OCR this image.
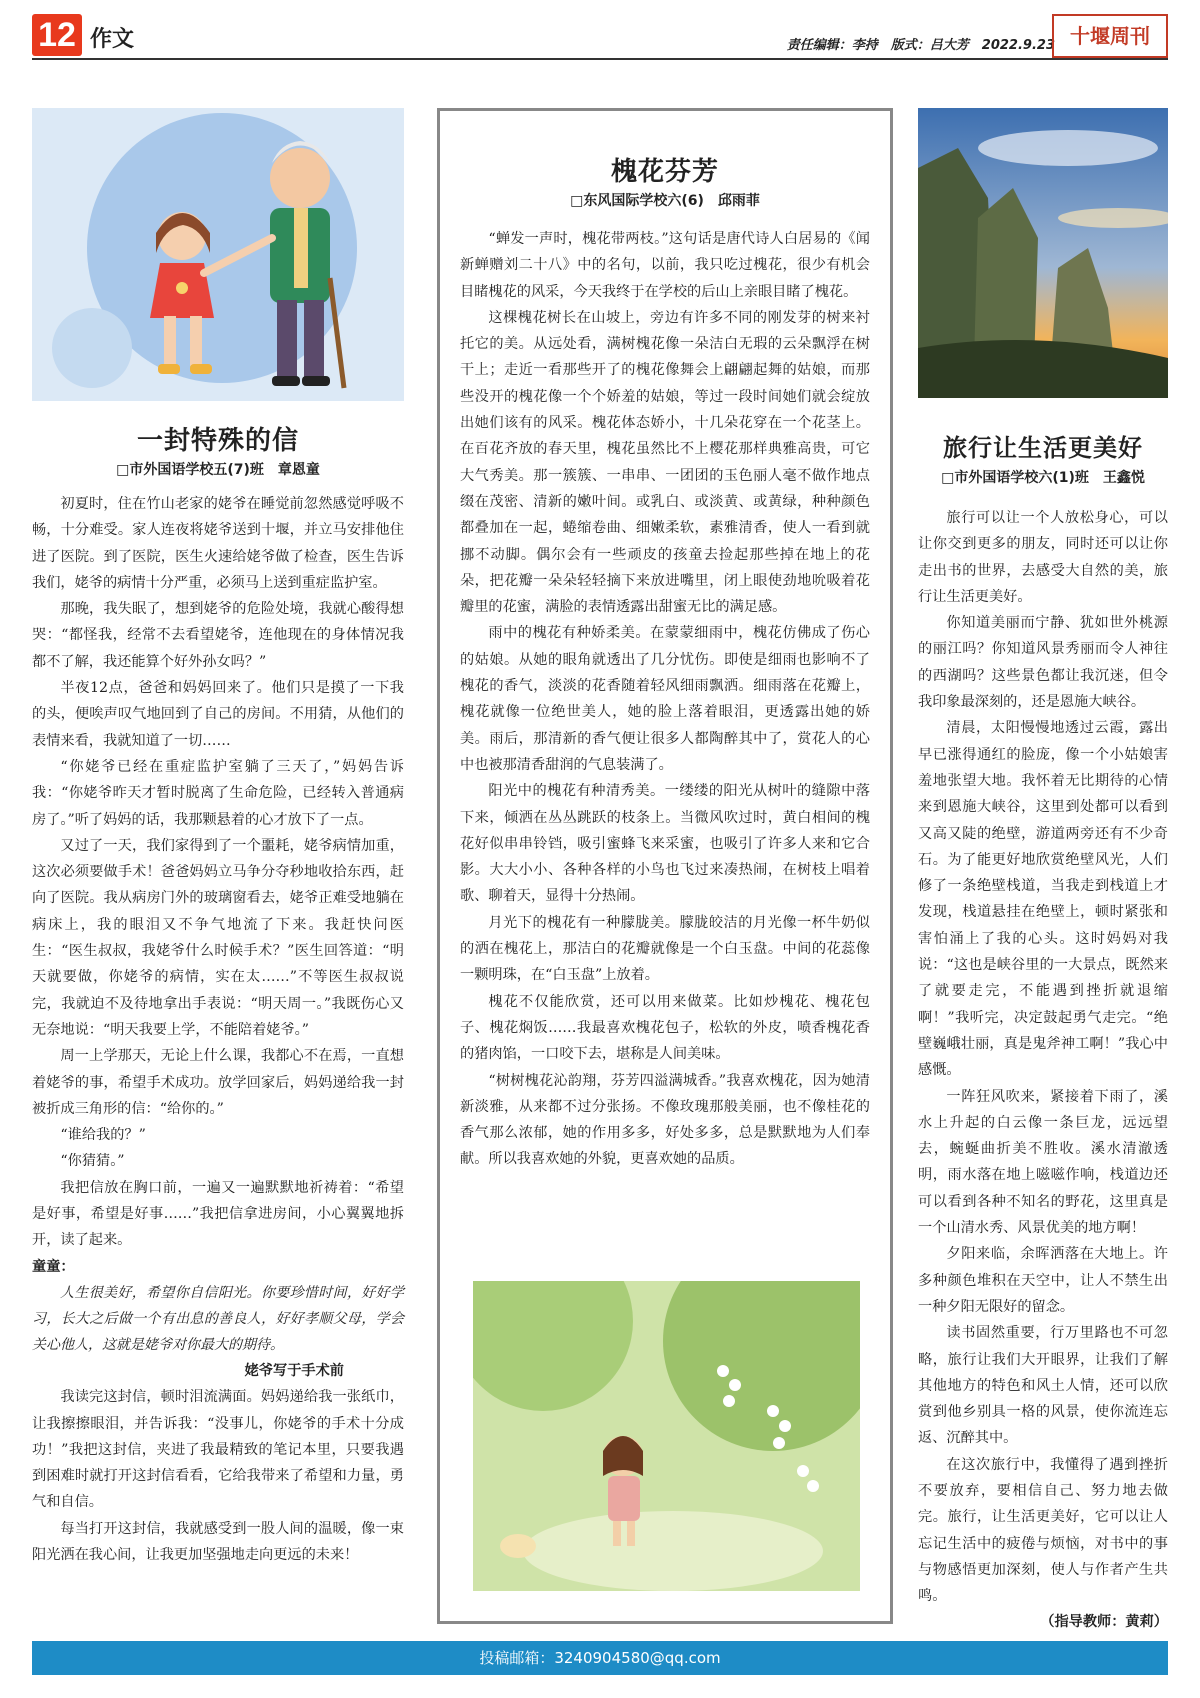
12 作文	责任编辑：李持　版式：吕大芳　2022.9.23 十堰周刊
一封特殊的信
□市外国语学校五(7)班　章恩童

初夏时，住在竹山老家的姥爷在睡觉前忽然感觉呼吸不畅，十分难受。家人连夜将姥爷送到十堰，并立马安排他住进了医院。到了医院，医生火速给姥爷做了检查，医生告诉我们，姥爷的病情十分严重，必须马上送到重症监护室。

那晚，我失眠了，想到姥爷的危险处境，我就心酸得想哭：“都怪我，经常不去看望姥爷，连他现在的身体情况我都不了解，我还能算个好外孙女吗？”

半夜12点，爸爸和妈妈回来了。他们只是摸了一下我的头，便唉声叹气地回到了自己的房间。不用猜，从他们的表情来看，我就知道了一切……

“你姥爷已经在重症监护室躺了三天了，”妈妈告诉我：“你姥爷昨天才暂时脱离了生命危险，已经转入普通病房了。”听了妈妈的话，我那颗悬着的心才放下了一点。

又过了一天，我们家得到了一个噩耗，姥爷病情加重，这次必须要做手术！爸爸妈妈立马争分夺秒地收拾东西，赶向了医院。我从病房门外的玻璃窗看去，姥爷正难受地躺在病床上，我的眼泪又不争气地流了下来。我赶快问医生：“医生叔叔，我姥爷什么时候手术？”医生回答道：“明天就要做，你姥爷的病情，实在太……”不等医生叔叔说完，我就迫不及待地拿出手表说：“明天周一。”我既伤心又无奈地说：“明天我要上学，不能陪着姥爷。”

周一上学那天，无论上什么课，我都心不在焉，一直想着姥爷的事，希望手术成功。放学回家后，妈妈递给我一封被折成三角形的信：“给你的。”

“谁给我的？”

“你猜猜。”

我把信放在胸口前，一遍又一遍默默地祈祷着：“希望是好事，希望是好事……”我把信拿进房间，小心翼翼地拆开，读了起来。

童童：

人生很美好，希望你自信阳光。你要珍惜时间，好好学习，长大之后做一个有出息的善良人，好好孝顺父母，学会关心他人，这就是姥爷对你最大的期待。

姥爷写于手术前

我读完这封信，顿时泪流满面。妈妈递给我一张纸巾，让我擦擦眼泪，并告诉我：“没事儿，你姥爷的手术十分成功！”我把这封信，夹进了我最精致的笔记本里，只要我遇到困难时就打开这封信看看，它给我带来了希望和力量，勇气和自信。

每当打开这封信，我就感受到一股人间的温暖，像一束阳光洒在我心间，让我更加坚强地走向更远的未来！

槐花芬芳
□东风国际学校六(6)　邱雨菲

“蝉发一声时，槐花带两枝。”这句话是唐代诗人白居易的《闻新蝉赠刘二十八》中的名句，以前，我只吃过槐花，很少有机会目睹槐花的风采，今天我终于在学校的后山上亲眼目睹了槐花。

这棵槐花树长在山坡上，旁边有许多不同的刚发芽的树来衬托它的美。从远处看，满树槐花像一朵洁白无瑕的云朵飘浮在树干上；走近一看那些开了的槐花像舞会上翩翩起舞的姑娘，而那些没开的槐花像一个个娇羞的姑娘，等过一段时间她们就会绽放出她们该有的风采。槐花体态娇小，十几朵花穿在一个花茎上。在百花齐放的春天里，槐花虽然比不上樱花那样典雅高贵，可它大气秀美。那一簇簇、一串串、一团团的玉色丽人毫不做作地点缀在茂密、清新的嫩叶间。或乳白、或淡黄、或黄绿，种种颜色都叠加在一起，蜷缩卷曲、细嫩柔软，素雅清香，使人一看到就挪不动脚。偶尔会有一些顽皮的孩童去捡起那些掉在地上的花朵，把花瓣一朵朵轻轻摘下来放进嘴里，闭上眼使劲地吮吸着花瓣里的花蜜，满脸的表情透露出甜蜜无比的满足感。

雨中的槐花有种娇柔美。在蒙蒙细雨中，槐花仿佛成了伤心的姑娘。从她的眼角就透出了几分忧伤。即使是细雨也影响不了槐花的香气，淡淡的花香随着轻风细雨飘洒。细雨落在花瓣上，槐花就像一位绝世美人，她的脸上落着眼泪，更透露出她的娇美。雨后，那清新的香气便让很多人都陶醉其中了，赏花人的心中也被那清香甜润的气息装满了。

阳光中的槐花有种清秀美。一缕缕的阳光从树叶的缝隙中落下来，倾洒在丛丛跳跃的枝条上。当微风吹过时，黄白相间的槐花好似串串铃铛，吸引蜜蜂飞来采蜜，也吸引了许多人来和它合影。大大小小、各种各样的小鸟也飞过来凑热闹，在树枝上唱着歌、聊着天，显得十分热闹。

月光下的槐花有一种朦胧美。朦胧皎洁的月光像一杯牛奶似的洒在槐花上，那洁白的花瓣就像是一个白玉盘。中间的花蕊像一颗明珠，在“白玉盘”上放着。

槐花不仅能欣赏，还可以用来做菜。比如炒槐花、槐花包子、槐花焖饭……我最喜欢槐花包子，松软的外皮，喷香槐花香的猪肉馅，一口咬下去，堪称是人间美味。

“树树槐花沁韵翔，芬芳四溢满城香。”我喜欢槐花，因为她清新淡雅，从来都不过分张扬。不像玫瑰那般美丽，也不像桂花的香气那么浓郁，她的作用多多，好处多多，总是默默地为人们奉献。所以我喜欢她的外貌，更喜欢她的品质。

旅行让生活更美好
□市外国语学校六(1)班　王鑫悦

旅行可以让一个人放松身心，可以让你交到更多的朋友，同时还可以让你走出书的世界，去感受大自然的美，旅行让生活更美好。

你知道美丽而宁静、犹如世外桃源的丽江吗？你知道风景秀丽而令人神往的西湖吗？这些景色都让我沉迷，但令我印象最深刻的，还是恩施大峡谷。

清晨，太阳慢慢地透过云霞，露出早已涨得通红的脸庞，像一个小姑娘害羞地张望大地。我怀着无比期待的心情来到恩施大峡谷，这里到处都可以看到又高又陡的绝壁，游道两旁还有不少奇石。为了能更好地欣赏绝壁风光，人们修了一条绝壁栈道，当我走到栈道上才发现，栈道悬挂在绝壁上，顿时紧张和害怕涌上了我的心头。这时妈妈对我说：“这也是峡谷里的一大景点，既然来了就要走完，不能遇到挫折就退缩啊！”我听完，决定鼓起勇气走完。“绝壁巍峨壮丽，真是鬼斧神工啊！”我心中感慨。

一阵狂风吹来，紧接着下雨了，溪水上升起的白云像一条巨龙，远远望去，蜿蜒曲折美不胜收。溪水清澈透明，雨水落在地上嗞嗞作响，栈道边还可以看到各种不知名的野花，这里真是一个山清水秀、风景优美的地方啊！

夕阳来临，余晖洒落在大地上。许多种颜色堆积在天空中，让人不禁生出一种夕阳无限好的留念。

读书固然重要，行万里路也不可忽略，旅行让我们大开眼界，让我们了解其他地方的特色和风土人情，还可以欣赏到他乡别具一格的风景，使你流连忘返、沉醉其中。

在这次旅行中，我懂得了遇到挫折不要放弃，要相信自己、努力地去做完。旅行，让生活更美好，它可以让人忘记生活中的疲倦与烦恼，对书中的事与物感悟更加深刻，使人与作者产生共鸣。

（指导教师：黄莉）
投稿邮箱：3240904580@qq.com
